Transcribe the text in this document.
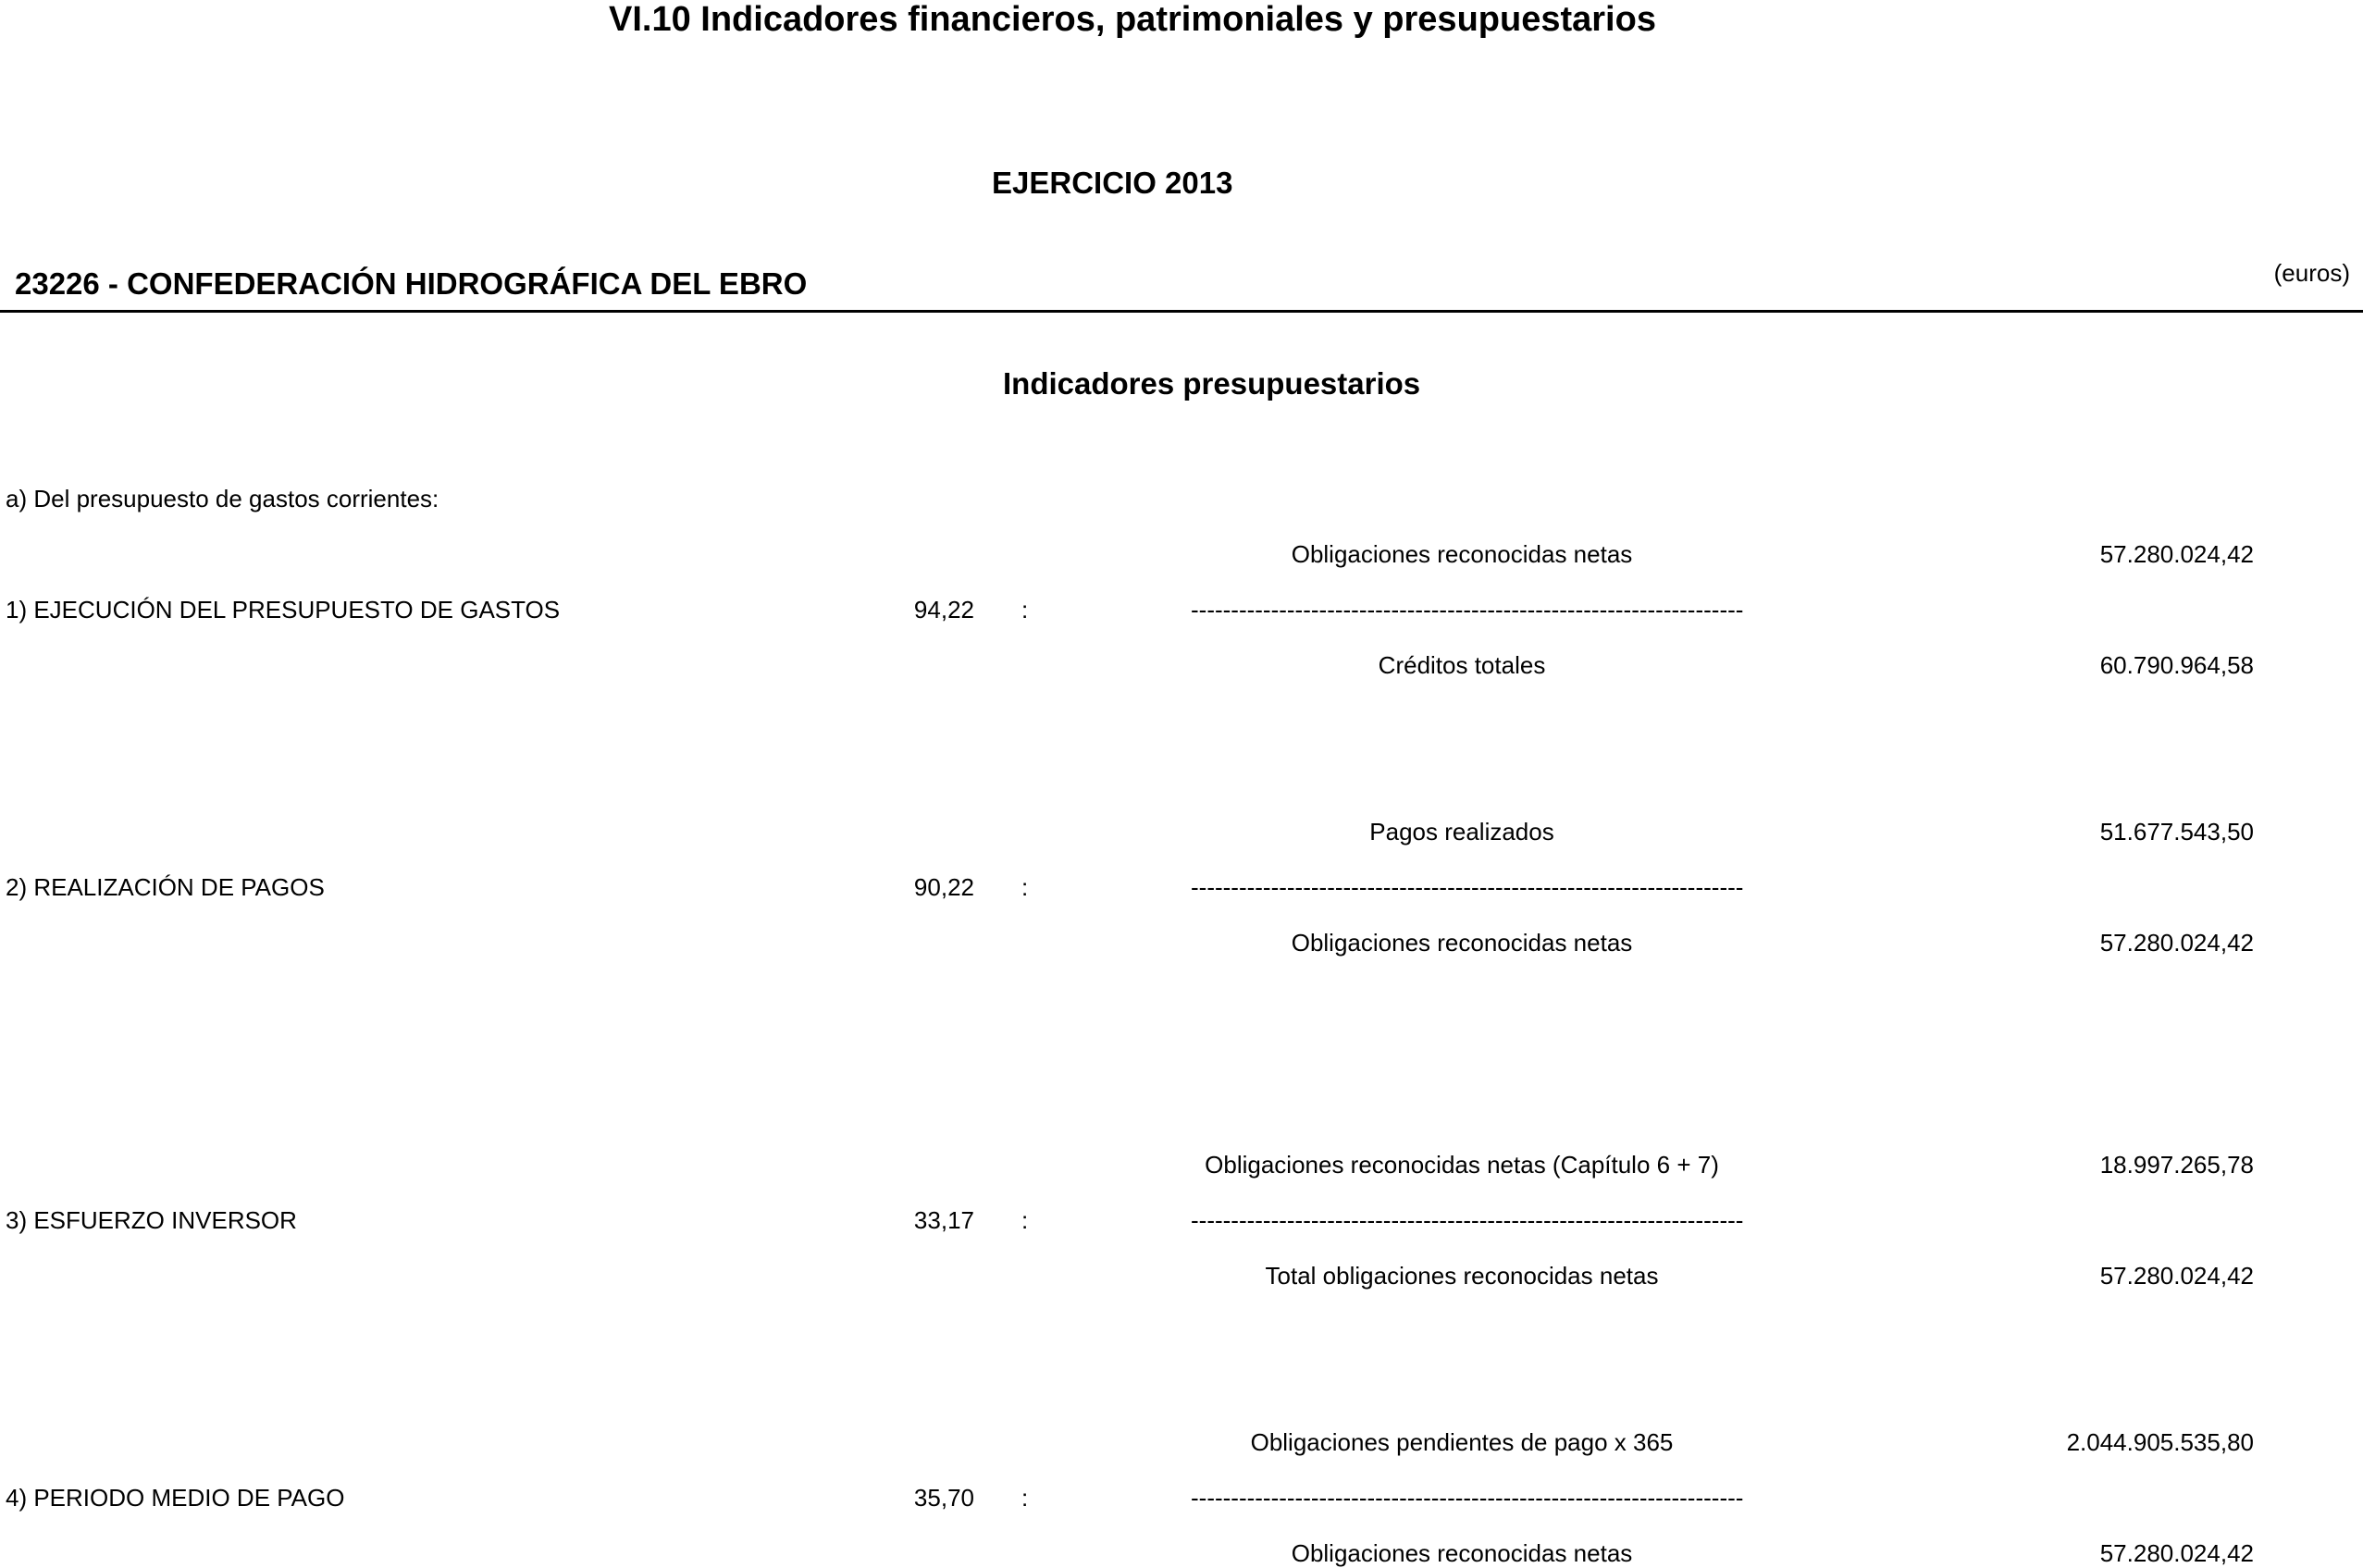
VI.10 Indicadores financieros, patrimoniales y presupuestarios
EJERCICIO 2013
23226 - CONFEDERACIÓN HIDROGRÁFICA DEL EBRO	(euros)
Indicadores presupuestarios
a) Del presupuesto de gastos corrientes:
Obligaciones reconocidas netas	57.280.024,42
1) EJECUCIÓN DEL PRESUPUESTO DE GASTOS	94,22 :	---------------------------------------------------------------------
Créditos totales	60.790.964,58
Pagos realizados	51.677.543,50
2) REALIZACIÓN DE PAGOS	90,22 :	---------------------------------------------------------------------
Obligaciones reconocidas netas	57.280.024,42
Obligaciones reconocidas netas (Capítulo 6 + 7)	18.997.265,78
3) ESFUERZO INVERSOR	33,17 :	---------------------------------------------------------------------
Total obligaciones reconocidas netas	57.280.024,42
Obligaciones pendientes de pago x 365	2.044.905.535,80
4) PERIODO MEDIO DE PAGO	35,70 :	---------------------------------------------------------------------
Obligaciones reconocidas netas	57.280.024,42
